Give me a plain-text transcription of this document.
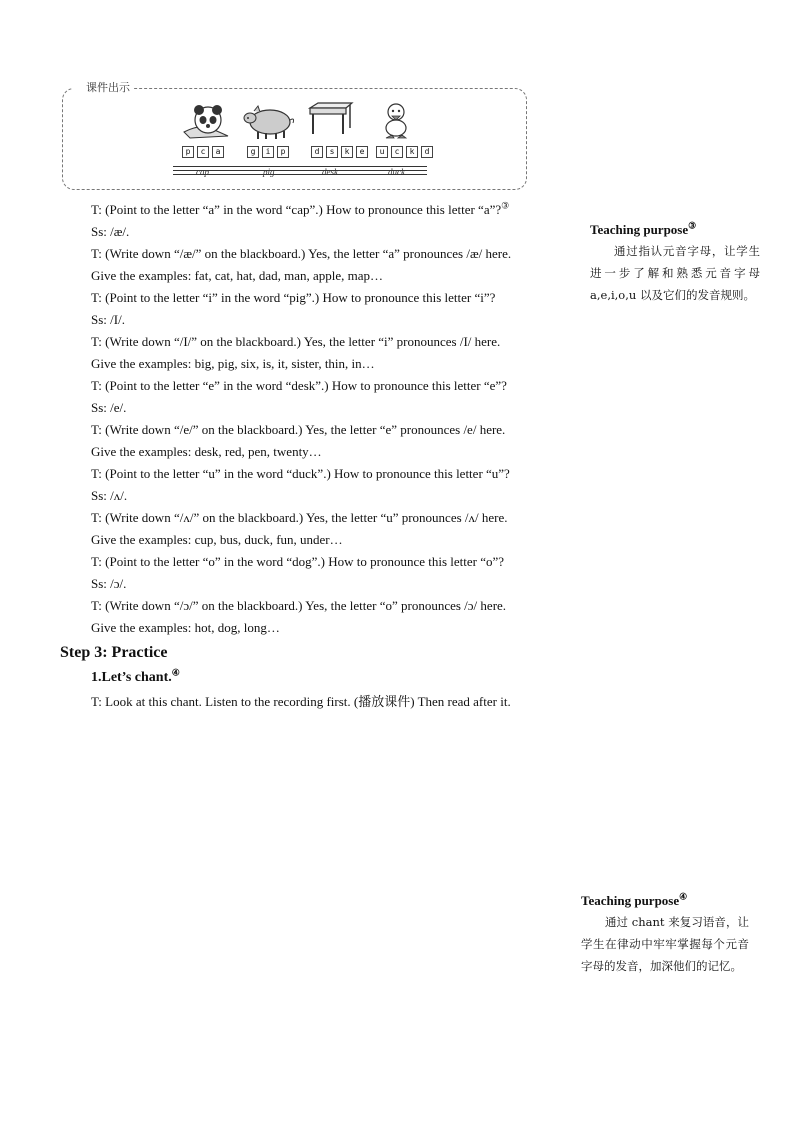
课件出示
p	c	a	g	i	p	d	s	k	e	u	c	k	d
cap	pig	desk	duck

T: (Point to the letter “a” in the word “cap”.) How to pronounce this letter “a”?③

Ss: /æ/.

T: (Write down “/æ/” on the blackboard.) Yes, the letter “a” pronounces /æ/ here.

Give the examples: fat, cat, hat, dad, man, apple, map…

T: (Point to the letter “i” in the word “pig”.) How to pronounce this letter “i”?

Ss: /I/.

T: (Write down “/I/” on the blackboard.) Yes, the letter “i” pronounces /I/ here.

Give the examples: big, pig, six, is, it, sister, thin, in…

T: (Point to the letter “e” in the word “desk”.) How to pronounce this letter “e”?

Ss: /e/.

T: (Write down “/e/” on the blackboard.) Yes, the letter “e” pronounces /e/ here.

Give the examples: desk, red, pen, twenty…

T: (Point to the letter “u” in the word “duck”.) How to pronounce this letter “u”?

Ss: /ʌ/.

T: (Write down “/ʌ/” on the blackboard.) Yes, the letter “u” pronounces /ʌ/ here.

Give the examples: cup, bus, duck, fun, under…

T: (Point to the letter “o” in the word “dog”.) How to pronounce this letter “o”?

Ss: /ɔ/.

T: (Write down “/ɔ/” on the blackboard.) Yes, the letter “o” pronounces /ɔ/ here.

Give the examples: hot, dog, long…

Step 3: Practice

1.Let’s chant.④

T: Look at this chant. Listen to the recording first. (播放课件) Then read after it.

Teaching purpose③

通过指认元音字母，让学生进一步了解和熟悉元音字母 a,e,i,o,u 以及它们的发音规则。

Teaching purpose④

通过 chant 来复习语音，让学生在律动中牢牢掌握每个元音字母的发音，加深他们的记忆。
